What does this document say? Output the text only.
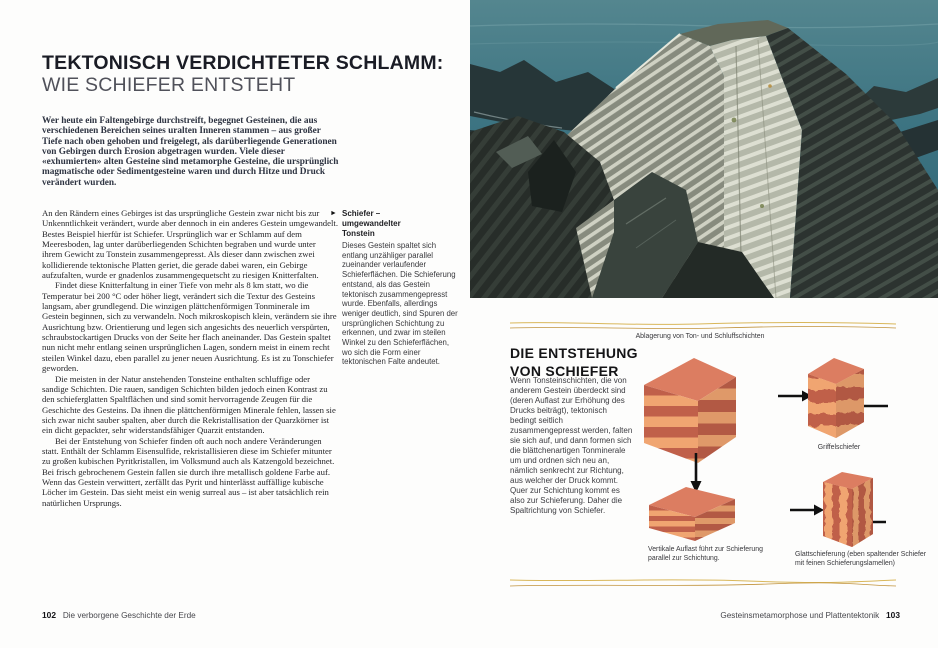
TEKTONISCH VERDICHTETER SCHLAMM:
WIE SCHIEFER ENTSTEHT
Wer heute ein Faltengebirge durchstreift, begegnet Gesteinen, die aus verschiedenen Bereichen seines uralten Inneren stammen – aus großer Tiefe nach oben gehoben und freigelegt, als darüberliegende Generationen von Gebirgen durch Erosion abgetragen wurden. Viele dieser «exhumierten» alten Gesteine sind metamorphe Gesteine, die ursprünglich magmatische oder Sedimentgesteine waren und durch Hitze und Druck verändert wurden.

An den Rändern eines Gebirges ist das ursprüngliche Gestein zwar nicht bis zur Unkenntlichkeit verändert, wurde aber dennoch in ein anderes Gestein umgewandelt. Bestes Beispiel hierfür ist Schiefer. Ursprünglich war er Schlamm auf dem Meeresboden, lag unter darüberliegenden Schichten begraben und wurde unter ihrem Gewicht zu Tonstein zusammengepresst. Als dieser dann zwischen zwei kollidierende tektonische Platten geriet, die gerade dabei waren, ein Gebirge aufzufalten, wurde er gnadenlos zusammengequetscht zu riesigen Knitterfalten.

Findet diese Knitterfaltung in einer Tiefe von mehr als 8 km statt, wo die Temperatur bei 200 °C oder höher liegt, verändert sich die Textur des Gesteins langsam, aber grundlegend. Die winzigen plättchenförmigen Tonminerale im Gestein beginnen, sich zu verwandeln. Noch mikroskopisch klein, verändern sie ihre Ausrichtung bzw. Orientierung und legen sich angesichts des neuerlich verspürten, schraubstockartigen Drucks von der Seite her flach aneinander. Das Gestein spaltet nun nicht mehr entlang seinen ursprünglichen Lagen, sondern meist in einem recht steilen Winkel dazu, eben parallel zu jener neuen Ausrichtung. Es ist zu Tonschiefer geworden.

Die meisten in der Natur anstehenden Tonsteine enthalten schluffige oder sandige Schichten. Die rauen, sandigen Schichten bilden jedoch einen Kontrast zu den schieferglatten Spaltflächen und sind somit hervorragende Zeugen für die Geschichte des Gesteins. Da ihnen die plättchenförmigen Minerale fehlen, lassen sie sich zwar nicht sauber spalten, aber durch die Rekristallisation der Quarzkörner ist ein dicht gepackter, sehr widerstandsfähiger Quarzit entstanden.

Bei der Entstehung von Schiefer finden oft auch noch andere Veränderungen statt. Enthält der Schlamm Eisensulfide, rekristallisieren diese im Schiefer mitunter zu großen kubischen Pyritkristallen, im Volksmund auch als Katzengold bezeichnet. Bei frisch gebrochenem Gestein fallen sie durch ihre metallisch goldene Farbe auf. Wenn das Gestein verwittert, zerfällt das Pyrit und hinterlässt auffällige kubische Löcher im Gestein. Das sieht meist ein wenig surreal aus – ist aber tatsächlich rein natürlichen Ursprungs.

► Schiefer – umgewandelter Tonstein
Dieses Gestein spaltet sich entlang unzähliger parallel zueinander verlaufender Schieferflächen. Die Schieferung entstand, als das Gestein tektonisch zusammengepresst wurde. Ebenfalls, allerdings weniger deutlich, sind Spuren der ursprünglichen Schichtung zu erkennen, und zwar im steilen Winkel zu den Schieferflächen, wo sich die Form einer tektonischen Falte andeutet.
102 Die verborgene Geschichte der Erde
Ablagerung von Ton- und Schluffschichten
DIE ENTSTEHUNG VON SCHIEFER
Wenn Tonsteinschichten, die von anderem Gestein überdeckt sind (deren Auflast zur Erhöhung des Drucks beiträgt), tektonisch bedingt seitlich zusammengepresst werden, falten sie sich auf, und dann formen sich die blättchenartigen Tonminerale um und ordnen sich neu an, nämlich senkrecht zur Richtung, aus welcher der Druck kommt. Quer zur Schichtung kommt es also zur Schieferung. Daher die Spaltrichtung von Schiefer.
Griffelschiefer
Vertikale Auflast führt zur Schieferung parallel zur Schichtung.
Glattschieferung (eben spaltender Schiefer mit feinen Schieferungslamellen)
Gesteinsmetamorphose und Plattentektonik 103
